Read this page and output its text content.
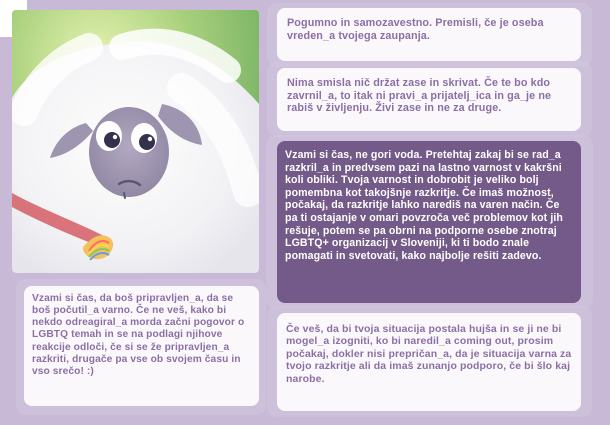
Pogumno in samozavestno. Premisli, če je oseba vreden_a tvojega zaupanja.

Nima smisla nič držat zase in skrivat. Če te bo kdo zavrnil_a, to itak ni pravi_a prijatelj_ica in ga_je ne rabiš v življenju. Živi zase in ne za druge.

Vzami si čas, ne gori voda. Pretehtaj zakaj bi se rad_a razkril_a in predvsem pazi na lastno varnost v kakršni koli obliki. Tvoja varnost in dobrobit je veliko bolj pomembna kot takojšnje razkritje. Če imaš možnost, počakaj, da razkritje lahko narediš na varen način. Če pa ti ostajanje v omari povzroča več problemov kot jih rešuje, potem se pa obrni na podporne osebe znotraj LGBTQ+ organizacij v Sloveniji, ki ti bodo znale pomagati in svetovati, kako najbolje rešiti zadevo.

Vzami si čas, da boš pripravljen_a, da se boš počutil_a varno. Če ne veš, kako bi nekdo odreagiral_a morda začni pogovor o LGBTQ temah in se na podlagi njihove reakcije odloči, če si se že pripravljen_a razkriti, drugače pa vse ob svojem času in vso srečo! :)

Če veš, da bi tvoja situacija postala hujša in se ji ne bi mogel_a izogniti, ko bi naredil_a coming out, prosim počakaj, dokler nisi prepričan_a, da je situacija varna za tvojo razkritje ali da imaš zunanjo podporo, če bi šlo kaj narobe.
